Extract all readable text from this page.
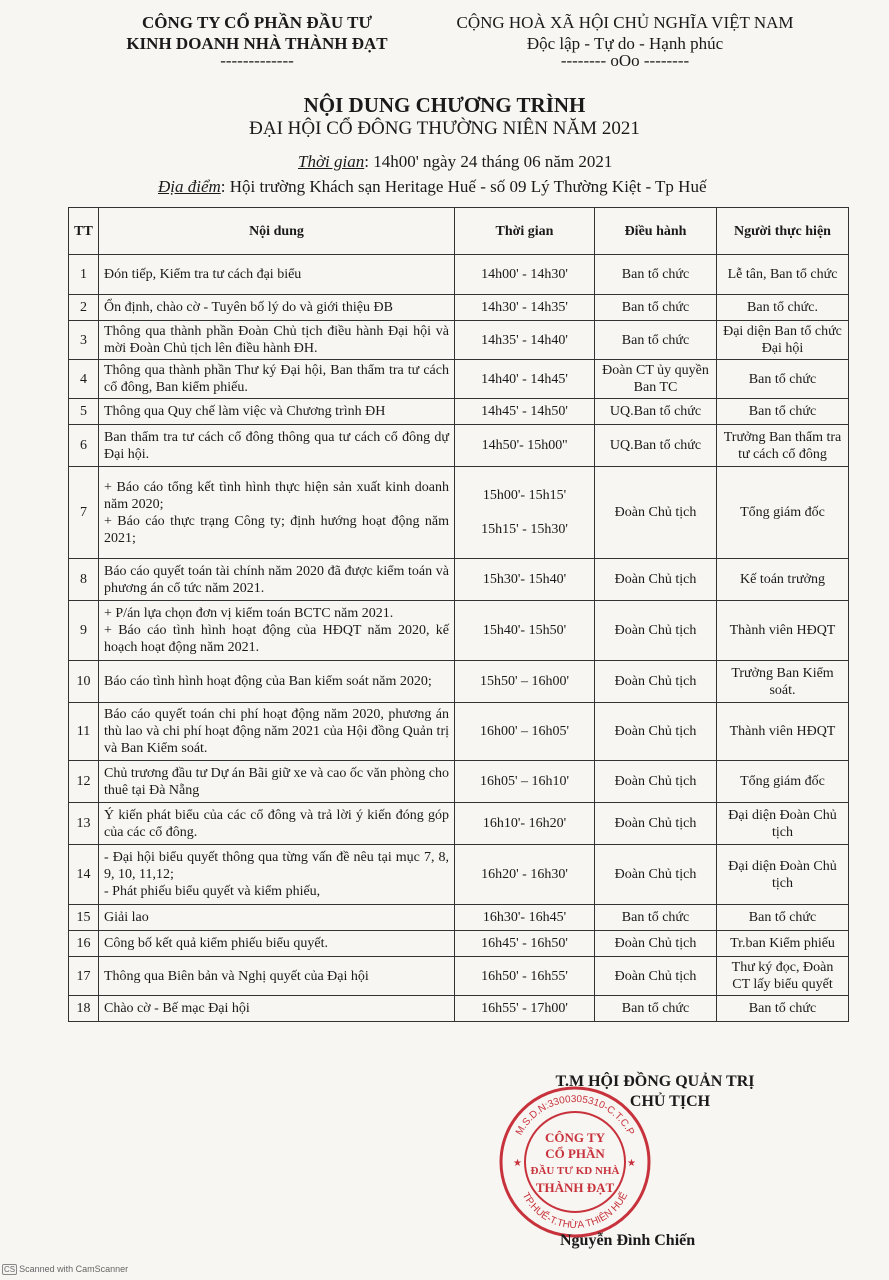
CÔNG TY CỔ PHẦN ĐẦU TƯ
KINH DOANH NHÀ THÀNH ĐẠT
-------------
CỘNG HOÀ XÃ HỘI CHỦ NGHĨA VIỆT NAM
Độc lập - Tự do - Hạnh phúc
-------- oOo --------
NỘI DUNG CHƯƠNG TRÌNH
ĐẠI HỘI CỔ ĐÔNG THƯỜNG NIÊN NĂM 2021
Thời gian: 14h00' ngày 24 tháng 06 năm 2021
Địa điểm: Hội trường Khách sạn Heritage Huế - số 09 Lý Thường Kiệt - Tp Huế
TT	Nội dung	Thời gian	Điều hành	Người thực hiện
1	Đón tiếp, Kiểm tra tư cách đại biểu	14h00' - 14h30'	Ban tổ chức	Lễ tân, Ban tổ chức
2	Ổn định, chào cờ - Tuyên bố lý do và giới thiệu ĐB	14h30' - 14h35'	Ban tổ chức	Ban tổ chức.
3	Thông qua thành phần Đoàn Chủ tịch điều hành Đại hội và mời Đoàn Chủ tịch lên điều hành ĐH.	14h35' - 14h40'	Ban tổ chức	Đại diện Ban tổ chức Đại hội
4	Thông qua thành phần Thư ký Đại hội, Ban thẩm tra tư cách cổ đông, Ban kiểm phiếu.	14h40' - 14h45'	Đoàn CT ủy quyền Ban TC	Ban tổ chức
5	Thông qua Quy chế làm việc và Chương trình ĐH	14h45' - 14h50'	UQ.Ban tổ chức	Ban tổ chức
6	Ban thẩm tra tư cách cổ đông thông qua tư cách cổ đông dự Đại hội.	14h50'- 15h00''	UQ.Ban tổ chức	Trưởng Ban thẩm tra tư cách cổ đông
7	+ Báo cáo tổng kết tình hình thực hiện sản xuất kinh doanh năm 2020;
+ Báo cáo thực trạng Công ty; định hướng hoạt động năm 2021;	15h00'- 15h15'

15h15' - 15h30'	Đoàn Chủ tịch	Tổng giám đốc
8	Báo cáo quyết toán tài chính năm 2020 đã được kiểm toán và phương án cổ tức năm 2021.	15h30'- 15h40'	Đoàn Chủ tịch	Kế toán trưởng
9	+ P/án lựa chọn đơn vị kiểm toán BCTC năm 2021.
+ Báo cáo tình hình hoạt động của HĐQT năm 2020, kế hoạch hoạt động năm 2021.	15h40'- 15h50'	Đoàn Chủ tịch	Thành viên HĐQT
10	Báo cáo tình hình hoạt động của Ban kiểm soát năm 2020;	15h50' – 16h00'	Đoàn Chủ tịch	Trưởng Ban Kiểm soát.
11	Báo cáo quyết toán chi phí hoạt động năm 2020, phương án thù lao và chi phí hoạt động năm 2021 của Hội đồng Quản trị và Ban Kiểm soát.	16h00' – 16h05'	Đoàn Chủ tịch	Thành viên HĐQT
12	Chủ trương đầu tư Dự án Bãi giữ xe và cao ốc văn phòng cho thuê tại Đà Nẵng	16h05' – 16h10'	Đoàn Chủ tịch	Tổng giám đốc
13	Ý kiến phát biểu của các cổ đông và trả lời ý kiến đóng góp của các cổ đông.	16h10'- 16h20'	Đoàn Chủ tịch	Đại diện Đoàn Chủ tịch
14	- Đại hội biểu quyết thông qua từng vấn đề nêu tại mục 7, 8, 9, 10, 11,12;
- Phát phiếu biểu quyết và kiểm phiếu,	16h20' - 16h30'	Đoàn Chủ tịch	Đại diện Đoàn Chủ tịch
15	Giải lao	16h30'- 16h45'	Ban tổ chức	Ban tổ chức
16	Công bố kết quả kiểm phiếu biểu quyết.	16h45' - 16h50'	Đoàn Chủ tịch	Tr.ban Kiểm phiếu
17	Thông qua Biên bản và Nghị quyết của Đại hội	16h50' - 16h55'	Đoàn Chủ tịch	Thư ký đọc, Đoàn CT lấy biểu quyết
18	Chào cờ - Bế mạc Đại hội	16h55' - 17h00'	Ban tổ chức	Ban tổ chức
M.S.D.N:3300305310-C.T.C.P
TP.HUẾ-T.THỪA THIÊN HUẾ
CÔNG TY
CỔ PHẦN
ĐẦU TƯ KD NHÀ
THÀNH ĐẠT
★	★
T.M HỘI ĐỒNG QUẢN TRỊ
CHỦ TỊCH
Nguyễn Đình Chiến
CS Scanned with CamScanner
